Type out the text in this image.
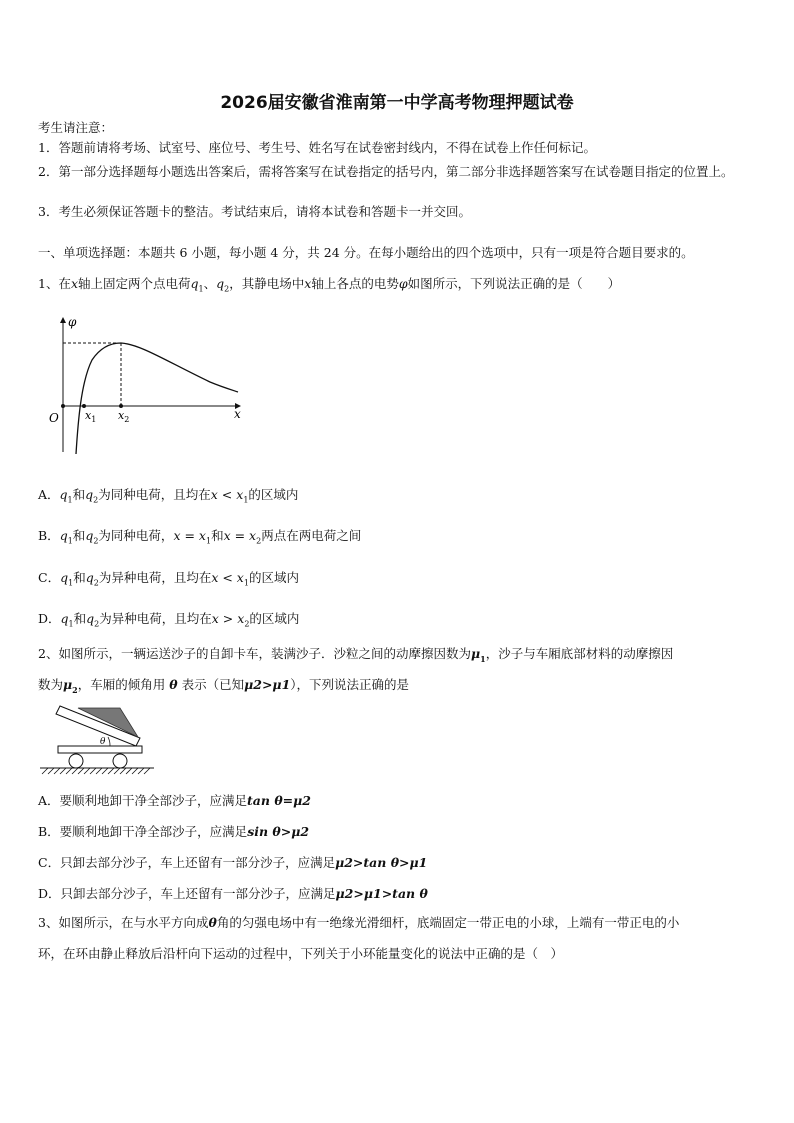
2026届安徽省淮南第一中学高考物理押题试卷
考生请注意：
1．答题前请将考场、试室号、座位号、考生号、姓名写在试卷密封线内，不得在试卷上作任何标记。
2．第一部分选择题每小题选出答案后，需将答案写在试卷指定的括号内，第二部分非选择题答案写在试卷题目指定的位置上。
3．考生必须保证答题卡的整洁。考试结束后，请将本试卷和答题卡一并交回。
一、单项选择题：本题共 6 小题，每小题 4 分，共 24 分。在每小题给出的四个选项中，只有一项是符合题目要求的。
1、在x轴上固定两个点电荷$q_1$、$q_2$，其静电场中x轴上各点的电势φ如图所示，下列说法正确的是（　　）
φ
x
O $x_1$ $x_2$
A．$q_1$和$q_2$为同种电荷，且均在$x < x_1$的区域内
B．$q_1$和$q_2$为同种电荷，$x = x_1$和$x = x_2$两点在两电荷之间
C．$q_1$和$q_2$为异种电荷，且均在$x < x_1$的区域内
D．$q_1$和$q_2$为异种电荷，且均在$x > x_2$的区域内
2、如图所示，一辆运送沙子的自卸卡车，装满沙子．沙粒之间的动摩擦因数为$\mu_1$，沙子与车厢底部材料的动摩擦因
数为$\mu_2$，车厢的倾角用 θ 表示（已知μ2>μ1），下列说法正确的是
θ
A．要顺利地卸干净全部沙子，应满足tan θ=μ2
B．要顺利地卸干净全部沙子，应满足sin θ>μ2
C．只卸去部分沙子，车上还留有一部分沙子，应满足μ2>tan θ>μ1
D．只卸去部分沙子，车上还留有一部分沙子，应满足μ2>μ1>tan θ
3、如图所示，在与水平方向成θ角的匀强电场中有一绝缘光滑细杆，底端固定一带正电的小球，上端有一带正电的小
环，在环由静止释放后沿杆向下运动的过程中，下列关于小环能量变化的说法中正确的是（　）
